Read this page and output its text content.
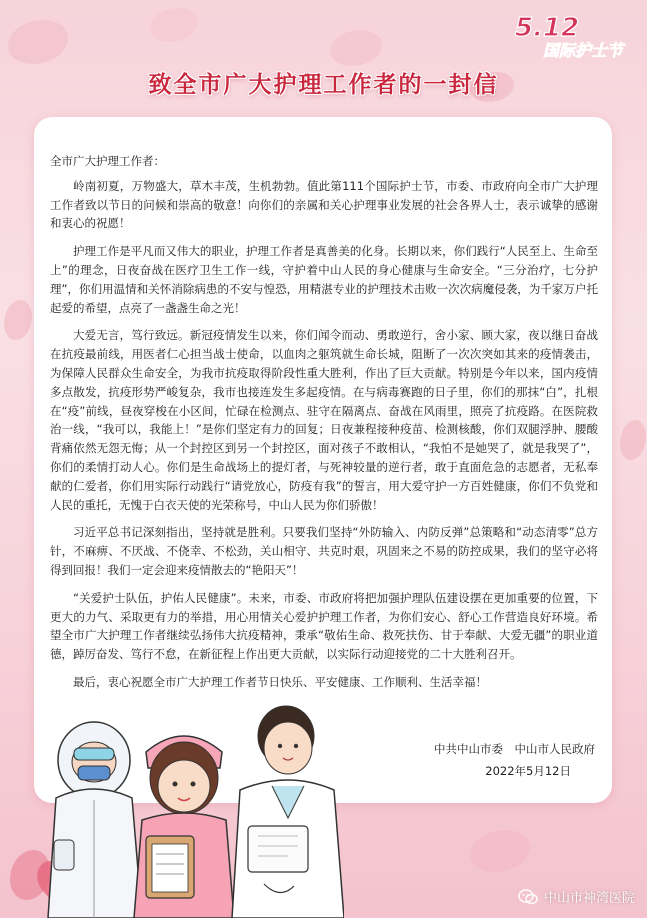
5.12
国际护士节
致全市广大护理工作者的一封信

全市广大护理工作者：

岭南初夏，万物盛大，草木丰茂，生机勃勃。值此第111个国际护士节，市委、市政府向全市广大护理工作者致以节日的问候和崇高的敬意！向你们的亲属和关心护理事业发展的社会各界人士，表示诚挚的感谢和衷心的祝愿！

护理工作是平凡而又伟大的职业，护理工作者是真善美的化身。长期以来，你们践行“人民至上、生命至上”的理念，日夜奋战在医疗卫生工作一线，守护着中山人民的身心健康与生命安全。“三分治疗，七分护理”，你们用温情和关怀消除病患的不安与惶恐，用精湛专业的护理技术击败一次次病魔侵袭，为千家万户托起爱的希望，点亮了一盏盏生命之光！

大爱无言，笃行致远。新冠疫情发生以来，你们闻令而动、勇敢逆行，舍小家、顾大家，夜以继日奋战在抗疫最前线，用医者仁心担当战士使命，以血肉之躯筑就生命长城，阻断了一次次突如其来的疫情袭击，为保障人民群众生命安全，为我市抗疫取得阶段性重大胜利，作出了巨大贡献。特别是今年以来，国内疫情多点散发，抗疫形势严峻复杂，我市也接连发生多起疫情。在与病毒赛跑的日子里，你们的那抹“白”，扎根在“疫”前线，昼夜穿梭在小区间，忙碌在检测点、驻守在隔离点、奋战在风雨里，照亮了抗疫路。在医院救治一线，“我可以，我能上！”是你们坚定有力的回复；日夜兼程接种疫苗、检测核酸，你们双腿浮肿、腰酸背痛依然无怨无悔；从一个封控区到另一个封控区，面对孩子不敢相认，“我怕不是她哭了，就是我哭了”，你们的柔情打动人心。你们是生命战场上的提灯者，与死神较量的逆行者，敢于直面危急的志愿者，无私奉献的仁爱者，你们用实际行动践行“请党放心，防疫有我”的誓言，用大爱守护一方百姓健康，你们不负党和人民的重托，无愧于白衣天使的光荣称号，中山人民为你们骄傲！

习近平总书记深刻指出，坚持就是胜利。只要我们坚持“外防输入、内防反弹”总策略和“动态清零”总方针，不麻痹、不厌战、不侥幸、不松劲，关山相守、共克时艰，巩固来之不易的防控成果，我们的坚守必将得到回报！我们一定会迎来疫情散去的“艳阳天”！

“关爱护士队伍，护佑人民健康”。未来，市委、市政府将把加强护理队伍建设摆在更加重要的位置，下更大的力气、采取更有力的举措，用心用情关心爱护护理工作者，为你们安心、舒心工作营造良好环境。希望全市广大护理工作者继续弘扬伟大抗疫精神，秉承“敬佑生命、救死扶伤、甘于奉献、大爱无疆”的职业道德，踔厉奋发、笃行不怠，在新征程上作出更大贡献，以实际行动迎接党的二十大胜利召开。

最后，衷心祝愿全市广大护理工作者节日快乐、平安健康、工作顺利、生活幸福！

中共中山市委　中山市人民政府
2022年5月12日
中山市神湾医院
